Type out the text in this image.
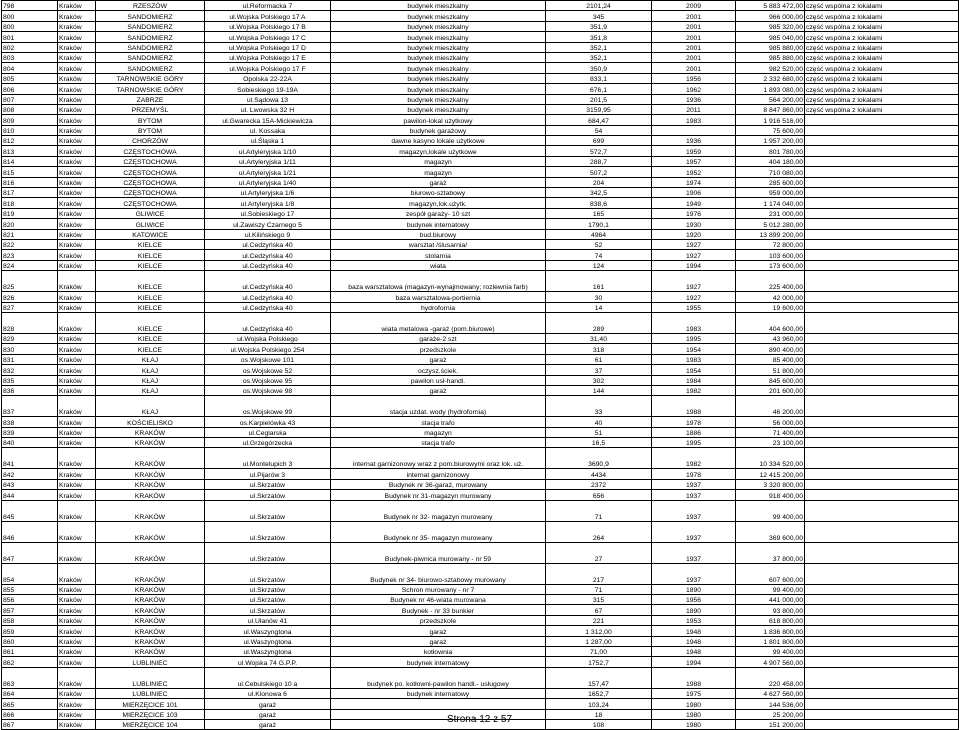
798	Kraków	RZESZÓW	ul.Reformacka 7	budynek mieszkalny	2101,24	2009	5 883 472,00	część wspólna z lokalami
800	Kraków	SANDOMIERZ	ul.Wojska Polskiego 17 A	budynek mieszkalny	345	2001	966 000,00	część wspólna z lokalami
800	Kraków	SANDOMIERZ	ul.Wojska Polskiego 17 B	budynek mieszkalny	351,9	2001	985 320,00	część wspólna z lokalami
801	Kraków	SANDOMIERZ	ul.Wojska Polskiego 17 C	budynek mieszkalny	351,8	2001	985 040,00	część wspólna z lokalami
802	Kraków	SANDOMIERZ	ul.Wojska Polskiego 17 D	budynek mieszkalny	352,1	2001	985 880,00	część wspólna z lokalami
803	Kraków	SANDOMIERZ	ul.Wojska Polskiego 17 E	budynek mieszkalny	352,1	2001	985 880,00	część wspólna z lokalami
804	Kraków	SANDOMIERZ	ul.Wojska Polskiego 17 F	budynek mieszkalny	350,9	2001	982 520,00	część wspólna z lokalami
805	Kraków	TARNOWSKIE GÓRY	Opolska 22-22A	budynek mieszkalny	833,1	1956	2 332 680,00	część wspólna z lokalami
806	Kraków	TARNOWSKIE GÓRY	Sobieskiego 19-19A	budynek mieszkalny	676,1	1962	1 893 080,00	część wspólna z lokalami
807	Kraków	ZABRZE	ul.Sądowa 13	budynek mieszkalny	201,5	1936	564 200,00	część wspólna z lokalami
808	Kraków	PRZEMYŚL	ul. Lwowska 32 H	budynek mieszkalny	3159,95	2011	8 847 860,00	część wspólna z lokalami
809	Kraków	BYTOM	ul.Gwarecka 15A-Mickiewicza	pawilon-lokal użytkowy	684,47	1983	1 916 516,00	
810	Kraków	BYTOM	ul. Kossaka	budynek garażowy	54		75 600,00	
812	Kraków	CHORZÓW	ul.Śląska 1	dawne kasyno lokale użytkowe	699	1936	1 957 200,00	
813	Kraków	CZĘSTOCHOWA	ul.Artyleryjska 1/10	magazyn,lokale użytkowe	572,7	1959	801 780,00	
814	Kraków	CZĘSTOCHOWA	ul.Artyleryjska 1/11	magazyn	288,7	1957	404 180,00	
815	Kraków	CZĘSTOCHOWA	ul.Artyleryjska 1/21	magazyn	507,2	1952	710 080,00	
816	Kraków	CZĘSTOCHOWA	ul.Artyleryjska 1/40	garaż	204	1974	285 600,00	
817	Kraków	CZĘSTOCHOWA	ul.Artyleryjska 1/6	biurowo-sztabowy	342,5	1906	959 000,00	
818	Kraków	CZĘSTOCHOWA	ul.Artyleryjska 1/8	magazyn,lok.użytk.	838,6	1949	1 174 040,00	
819	Kraków	GLIWICE	ul.Sobieskiego 17	zespół garaży- 10 szt	165	1976	231 000,00	
820	Kraków	GLIWICE	ul.Zawiszy Czarnego 5	budynek internatowy	1790,1	1930	5 012 280,00	
821	Kraków	KATOWICE	ul.Kilińskiego 9	bud.biurowy	4964	1920	13 899 200,00	
822	Kraków	KIELCE	ul.Cedzyńska 40	warsztat /ślusarnia/	52	1927	72 800,00	
823	Kraków	KIELCE	ul.Cedzyńska 40	stolarnia	74	1927	103 600,00	
824	Kraków	KIELCE	ul.Cedzyńska 40	wiata	124	1994	173 600,00	
825	Kraków	KIELCE	ul.Cedzyńska 40	baza warsztatowa (magazyn-wynajmowany; rozlewnia farb)	161	1927	225 400,00	
826	Kraków	KIELCE	ul.Cedzyńska 40	baza warsztatowa-portiernia	30	1927	42 000,00	
827	Kraków	KIELCE	ul.Cedzyńska 40	hydrofornia	14	1955	19 600,00	
828	Kraków	KIELCE	ul.Cedzyńska 40	wiata metalowa -garaż (pom.biurowe)	289	1983	404 600,00	
829	Kraków	KIELCE	ul.Wojska Polskiego	garaże-2 szt	31,40	1995	43 960,00	
830	Kraków	KIELCE	ul.Wojska Polskiego 254	przedszkole	318	1954	890 400,00	
831	Kraków	KŁAJ	os.Wojskowe 101	garaż	61	1983	85 400,00	
832	Kraków	KŁAJ	os.Wojskowe 52	oczysz.ściek.	37	1954	51 800,00	
835	Kraków	KŁAJ	os.Wojskowe 95	pawilon usł-handl.	302	1984	845 600,00	
836	Kraków	KŁAJ	os.Wojskowe 98	garaż	144	1982	201 600,00	
837	Kraków	KŁAJ	os.Wojskowe 99	stacja uzdat. wody (hydrofornia)	33	1988	46 200,00	
838	Kraków	KOŚCIELISKO	os.Karpielówka 43	stacja trafo	40	1978	56 000,00	
839	Kraków	KRAKÓW	ul.Ceglarska	magazyn	51	1886	71 400,00	
840	Kraków	KRAKÓW	ul.Grzegórzecka	stacja trafo	16,5	1995	23 100,00	
841	Kraków	KRAKÓW	ul.Montelupich 3	internat garnizonowy wraz z pom.biurowymi oraz lok. uż.	3690,9	1982	10 334 520,00	
842	Kraków	KRAKÓW	ul.Pijarów 3	internat garnizonowy	4434	1978	12 415 200,00	
843	Kraków	KRAKÓW	ul.Skrzatów	Budynek nr 36-garaż, murowany	2372	1937	3 320 800,00	
844	Kraków	KRAKÓW	ul.Skrzatów	Budynek nr 31-magazyn murowany	656	1937	918 400,00	
845	Kraków	KRAKÓW	ul.Skrzatów	Budynek nr 32- magazyn murowany	71	1937	99 400,00	
846	Kraków	KRAKÓW	ul.Skrzatów	Budynek nr 35- magazyn murowany	264	1937	369 600,00	
847	Kraków	KRAKÓW	ul.Skrzatów	Budynek-piwnica murowany - nr 59	27	1937	37 800,00	
854	Kraków	KRAKÓW	ul.Skrzatów	Budynek nr 34- biurowo-sztabowy murowany	217	1937	607 600,00	
855	Kraków	KRAKÓW	ul.Skrzatów	Schron murowany - nr 7	71	1890	99 400,00	
856	Kraków	KRAKÓW	ul.Skrzatów	Budynek nr 46-wiata murowana	315	1956	441 000,00	
857	Kraków	KRAKÓW	ul.Skrzatów	Budynek - nr 33 bunkier	67	1890	93 800,00	
858	Kraków	KRAKÓW	ul.Ułanów 41	przedszkole	221	1953	618 800,00	
859	Kraków	KRAKÓW	ul.Waszyngtona	garaż	1 312,00	1948	1 836 800,00	
860	Kraków	KRAKÓW	ul.Waszyngtona	garaż	1 287,00	1948	1 801 800,00	
861	Kraków	KRAKÓW	ul.Waszyngtona	kotłownia	71,00	1948	99 400,00	
862	Kraków	LUBLINIEC	ul.Wojska 74 G.P.P.	budynek internatowy	1752,7	1994	4 907 560,00	
863	Kraków	LUBLINIEC	ul.Cebulskiego 10 a	budynek po. kotłowni-pawilon handl.- usługowy	157,47	1988	220 458,00	
864	Kraków	LUBLINIEC	ul.Klonowa 6	budynek internatowy	1652,7	1975	4 627 560,00	
865	Kraków	MIERZĘCICE 101	garaż		103,24	1980	144 536,00	
866	Kraków	MIERZĘCICE 103	garaż		18	1980	25 200,00	
867	Kraków	MIERZĘCICE 104	garaż		108	1980	151 200,00	
Strona 12 z 57
